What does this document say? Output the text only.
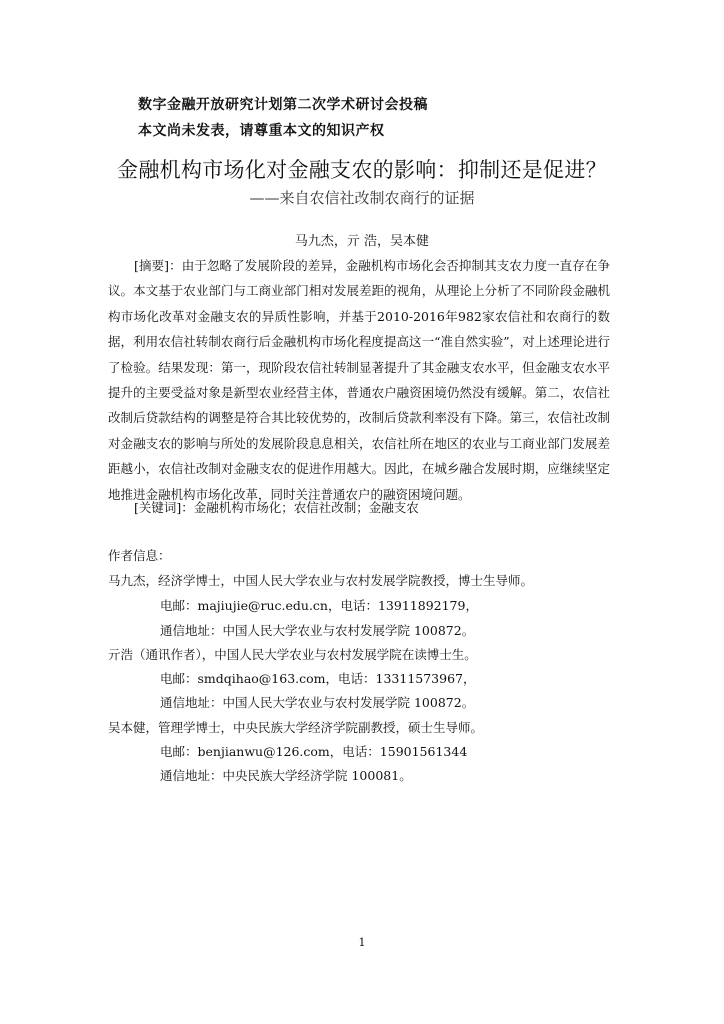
数字金融开放研究计划第二次学术研讨会投稿
本文尚未发表，请尊重本文的知识产权
金融机构市场化对金融支农的影响：抑制还是促进？
——来自农信社改制农商行的证据
马九杰，亓 浩，吴本健
[摘要]：由于忽略了发展阶段的差异，金融机构市场化会否抑制其支农力度一直存在争议。本文基于农业部门与工商业部门相对发展差距的视角，从理论上分析了不同阶段金融机构市场化改革对金融支农的异质性影响，并基于2010-2016年982家农信社和农商行的数据，利用农信社转制农商行后金融机构市场化程度提高这一“准自然实验”，对上述理论进行了检验。结果发现：第一，现阶段农信社转制显著提升了其金融支农水平，但金融支农水平提升的主要受益对象是新型农业经营主体，普通农户融资困境仍然没有缓解。第二，农信社改制后贷款结构的调整是符合其比较优势的，改制后贷款利率没有下降。第三，农信社改制对金融支农的影响与所处的发展阶段息息相关，农信社所在地区的农业与工商业部门发展差距越小，农信社改制对金融支农的促进作用越大。因此，在城乡融合发展时期，应继续坚定地推进金融机构市场化改革，同时关注普通农户的融资困境问题。
[关键词]：金融机构市场化；农信社改制；金融支农
作者信息：
马九杰，经济学博士，中国人民大学农业与农村发展学院教授，博士生导师。
电邮：majiujie@ruc.edu.cn，电话：13911892179，
通信地址：中国人民大学农业与农村发展学院 100872。
亓浩（通讯作者），中国人民大学农业与农村发展学院在读博士生。
电邮：smdqihao@163.com，电话：13311573967，
通信地址：中国人民大学农业与农村发展学院 100872。
吴本健，管理学博士，中央民族大学经济学院副教授，硕士生导师。
电邮：benjianwu@126.com，电话：15901561344
通信地址：中央民族大学经济学院 100081。
1
